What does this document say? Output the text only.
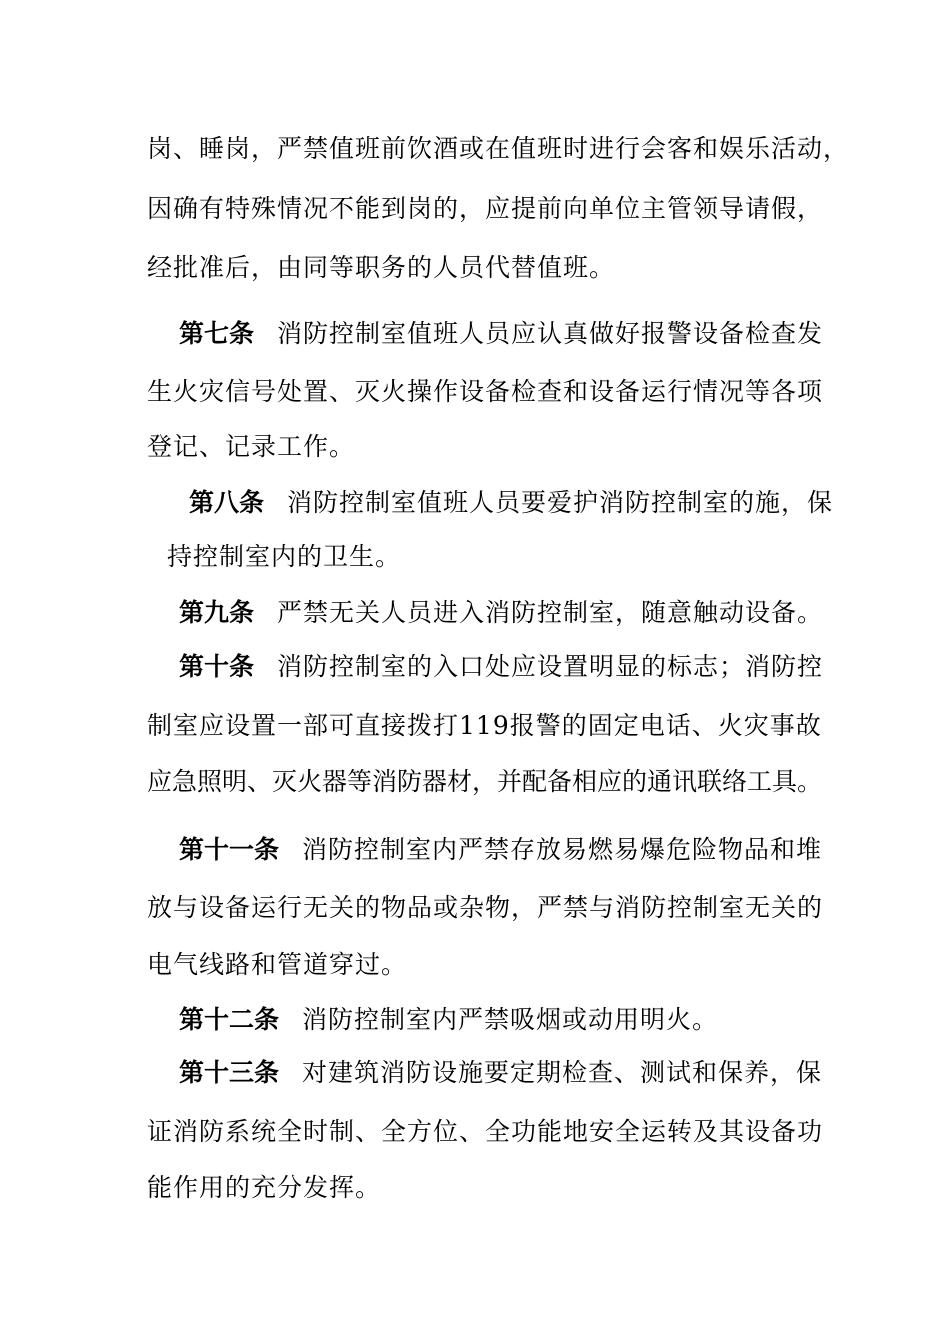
岗、睡岗，严禁值班前饮酒或在值班时进行会客和娱乐活动，
因确有特殊情况不能到岗的，应提前向单位主管领导请假，
经批准后，由同等职务的人员代替值班。
第七条 消防控制室值班人员应认真做好报警设备检查发
生火灾信号处置、灭火操作设备检查和设备运行情况等各项
登记、记录工作。
第八条 消防控制室值班人员要爱护消防控制室的施，保
持控制室内的卫生。
第九条 严禁无关人员进入消防控制室，随意触动设备。
第十条 消防控制室的入口处应设置明显的标志；消防控
制室应设置一部可直接拨打119报警的固定电话、火灾事故
应急照明、灭火器等消防器材，并配备相应的通讯联络工具。
第十一条 消防控制室内严禁存放易燃易爆危险物品和堆
放与设备运行无关的物品或杂物，严禁与消防控制室无关的
电气线路和管道穿过。
第十二条 消防控制室内严禁吸烟或动用明火。
第十三条 对建筑消防设施要定期检查、测试和保养，保
证消防系统全时制、全方位、全功能地安全运转及其设备功
能作用的充分发挥。
